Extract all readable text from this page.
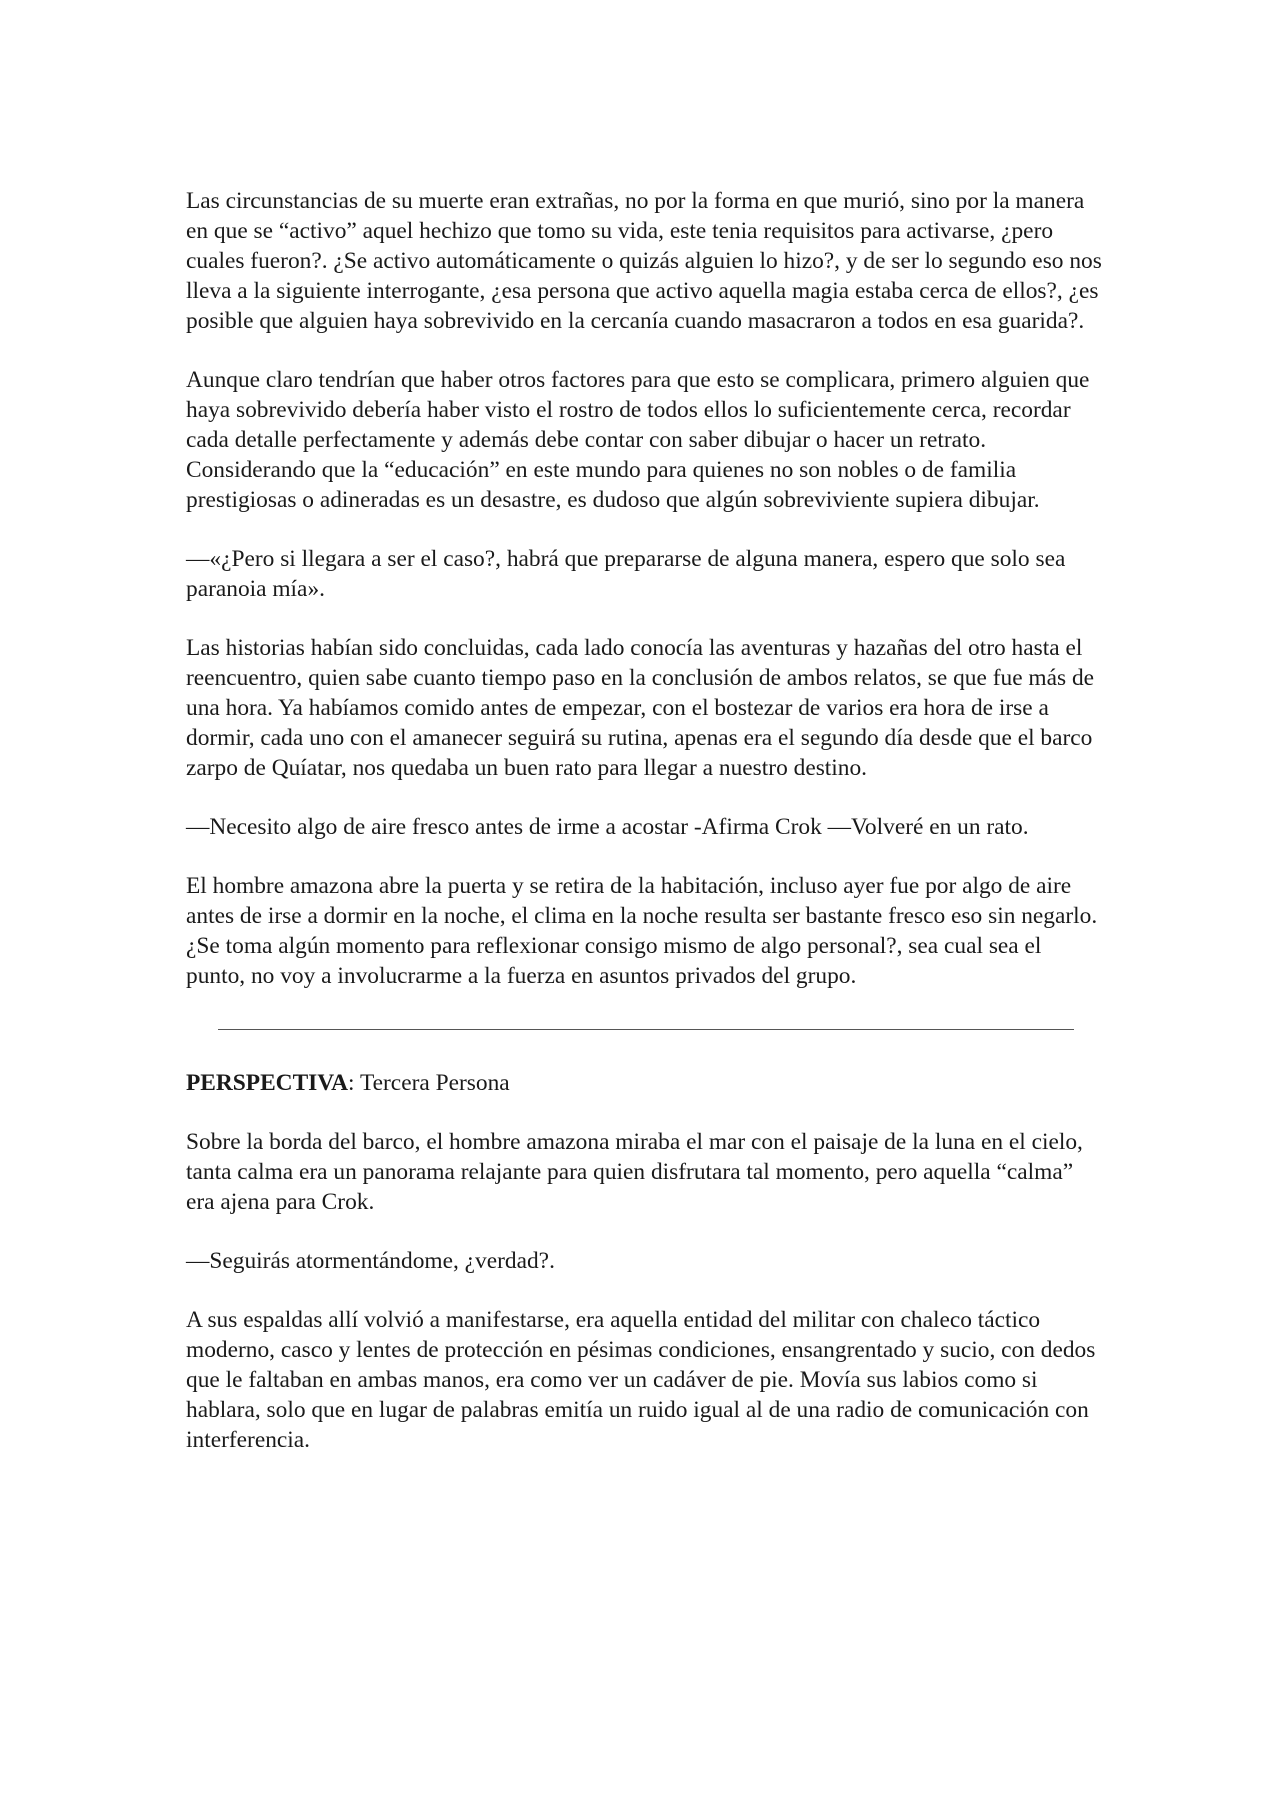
Las circunstancias de su muerte eran extrañas, no por la forma en que murió, sino por la manera en que se “activo” aquel hechizo que tomo su vida, este tenia requisitos para activarse, ¿pero cuales fueron?. ¿Se activo automáticamente o quizás alguien lo hizo?, y de ser lo segundo eso nos lleva a la siguiente interrogante, ¿esa persona que activo aquella magia estaba cerca de ellos?, ¿es posible que alguien haya sobrevivido en la cercanía cuando masacraron a todos en esa guarida?.

Aunque claro tendrían que haber otros factores para que esto se complicara, primero alguien que haya sobrevivido debería haber visto el rostro de todos ellos lo suficientemente cerca, recordar cada detalle perfectamente y además debe contar con saber dibujar o hacer un retrato. Considerando que la “educación” en este mundo para quienes no son nobles o de familia prestigiosas o adineradas es un desastre, es dudoso que algún sobreviviente supiera dibujar.

—«¿Pero si llegara a ser el caso?, habrá que prepararse de alguna manera, espero que solo sea paranoia mía».

Las historias habían sido concluidas, cada lado conocía las aventuras y hazañas del otro hasta el reencuentro, quien sabe cuanto tiempo paso en la conclusión de ambos relatos, se que fue más de una hora. Ya habíamos comido antes de empezar, con el bostezar de varios era hora de irse a dormir, cada uno con el amanecer seguirá su rutina, apenas era el segundo día desde que el barco zarpo de Quíatar, nos quedaba un buen rato para llegar a nuestro destino.

—Necesito algo de aire fresco antes de irme a acostar -Afirma Crok —Volveré en un rato.

El hombre amazona abre la puerta y se retira de la habitación, incluso ayer fue por algo de aire antes de irse a dormir en la noche, el clima en la noche resulta ser bastante fresco eso sin negarlo. ¿Se toma algún momento para reflexionar consigo mismo de algo personal?, sea cual sea el punto, no voy a involucrarme a la fuerza en asuntos privados del grupo.

PERSPECTIVA: Tercera Persona

Sobre la borda del barco, el hombre amazona miraba el mar con el paisaje de la luna en el cielo, tanta calma era un panorama relajante para quien disfrutara tal momento, pero aquella “calma” era ajena para Crok.

—Seguirás atormentándome, ¿verdad?.

A sus espaldas allí volvió a manifestarse, era aquella entidad del militar con chaleco táctico moderno, casco y lentes de protección en pésimas condiciones, ensangrentado y sucio, con dedos que le faltaban en ambas manos, era como ver un cadáver de pie. Movía sus labios como si hablara, solo que en lugar de palabras emitía un ruido igual al de una radio de comunicación con interferencia.
